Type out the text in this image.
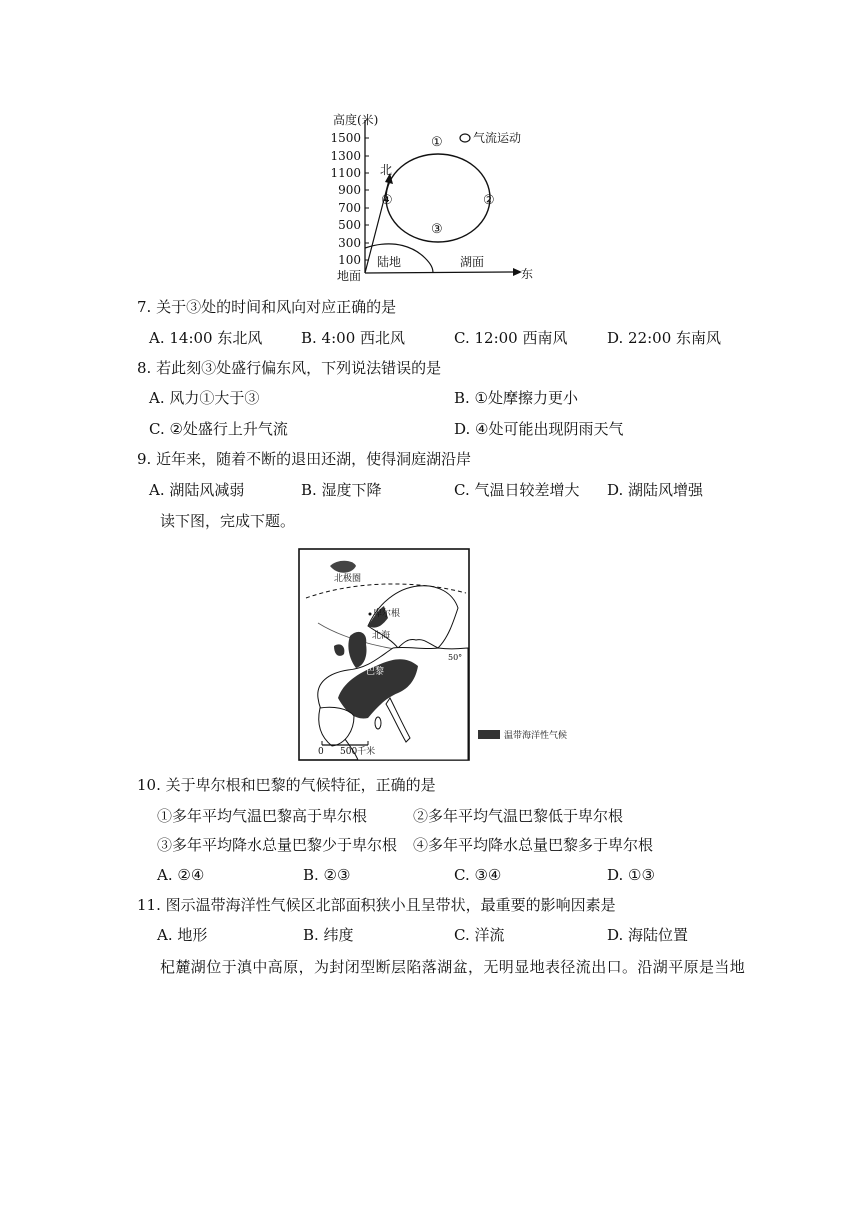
高度(米)
1500
1300
1100
900
700
500
300
100
地面	东
北
陆地	湖面
①
②
③
④
气流运动
7. 关于③处的时间和风向对应正确的是
A. 14:00 东北风	B. 4:00 西北风	C. 12:00 西南风	D. 22:00 东南风
8. 若此刻③处盛行偏东风，下列说法错误的是
A. 风力①大于③	B. ①处摩擦力更小
C. ②处盛行上升气流	D. ④处可能出现阴雨天气
9. 近年来，随着不断的退田还湖，使得洞庭湖沿岸
A. 湖陆风减弱	B. 湿度下降	C. 气温日较差增大 D. 湖陆风增强
读下图，完成下题。
北极圈
卑尔根
北海
巴黎
50°
0 500千米
温带海洋性气候
10. 关于卑尔根和巴黎的气候特征，正确的是
①多年平均气温巴黎高于卑尔根	②多年平均气温巴黎低于卑尔根
③多年平均降水总量巴黎少于卑尔根 ④多年平均降水总量巴黎多于卑尔根
A. ②④	B. ②③	C. ③④	D. ①③
11. 图示温带海洋性气候区北部面积狭小且呈带状，最重要的影响因素是
A. 地形	B. 纬度	C. 洋流	D. 海陆位置
杞麓湖位于滇中高原，为封闭型断层陷落湖盆，无明显地表径流出口。沿湖平原是当地
